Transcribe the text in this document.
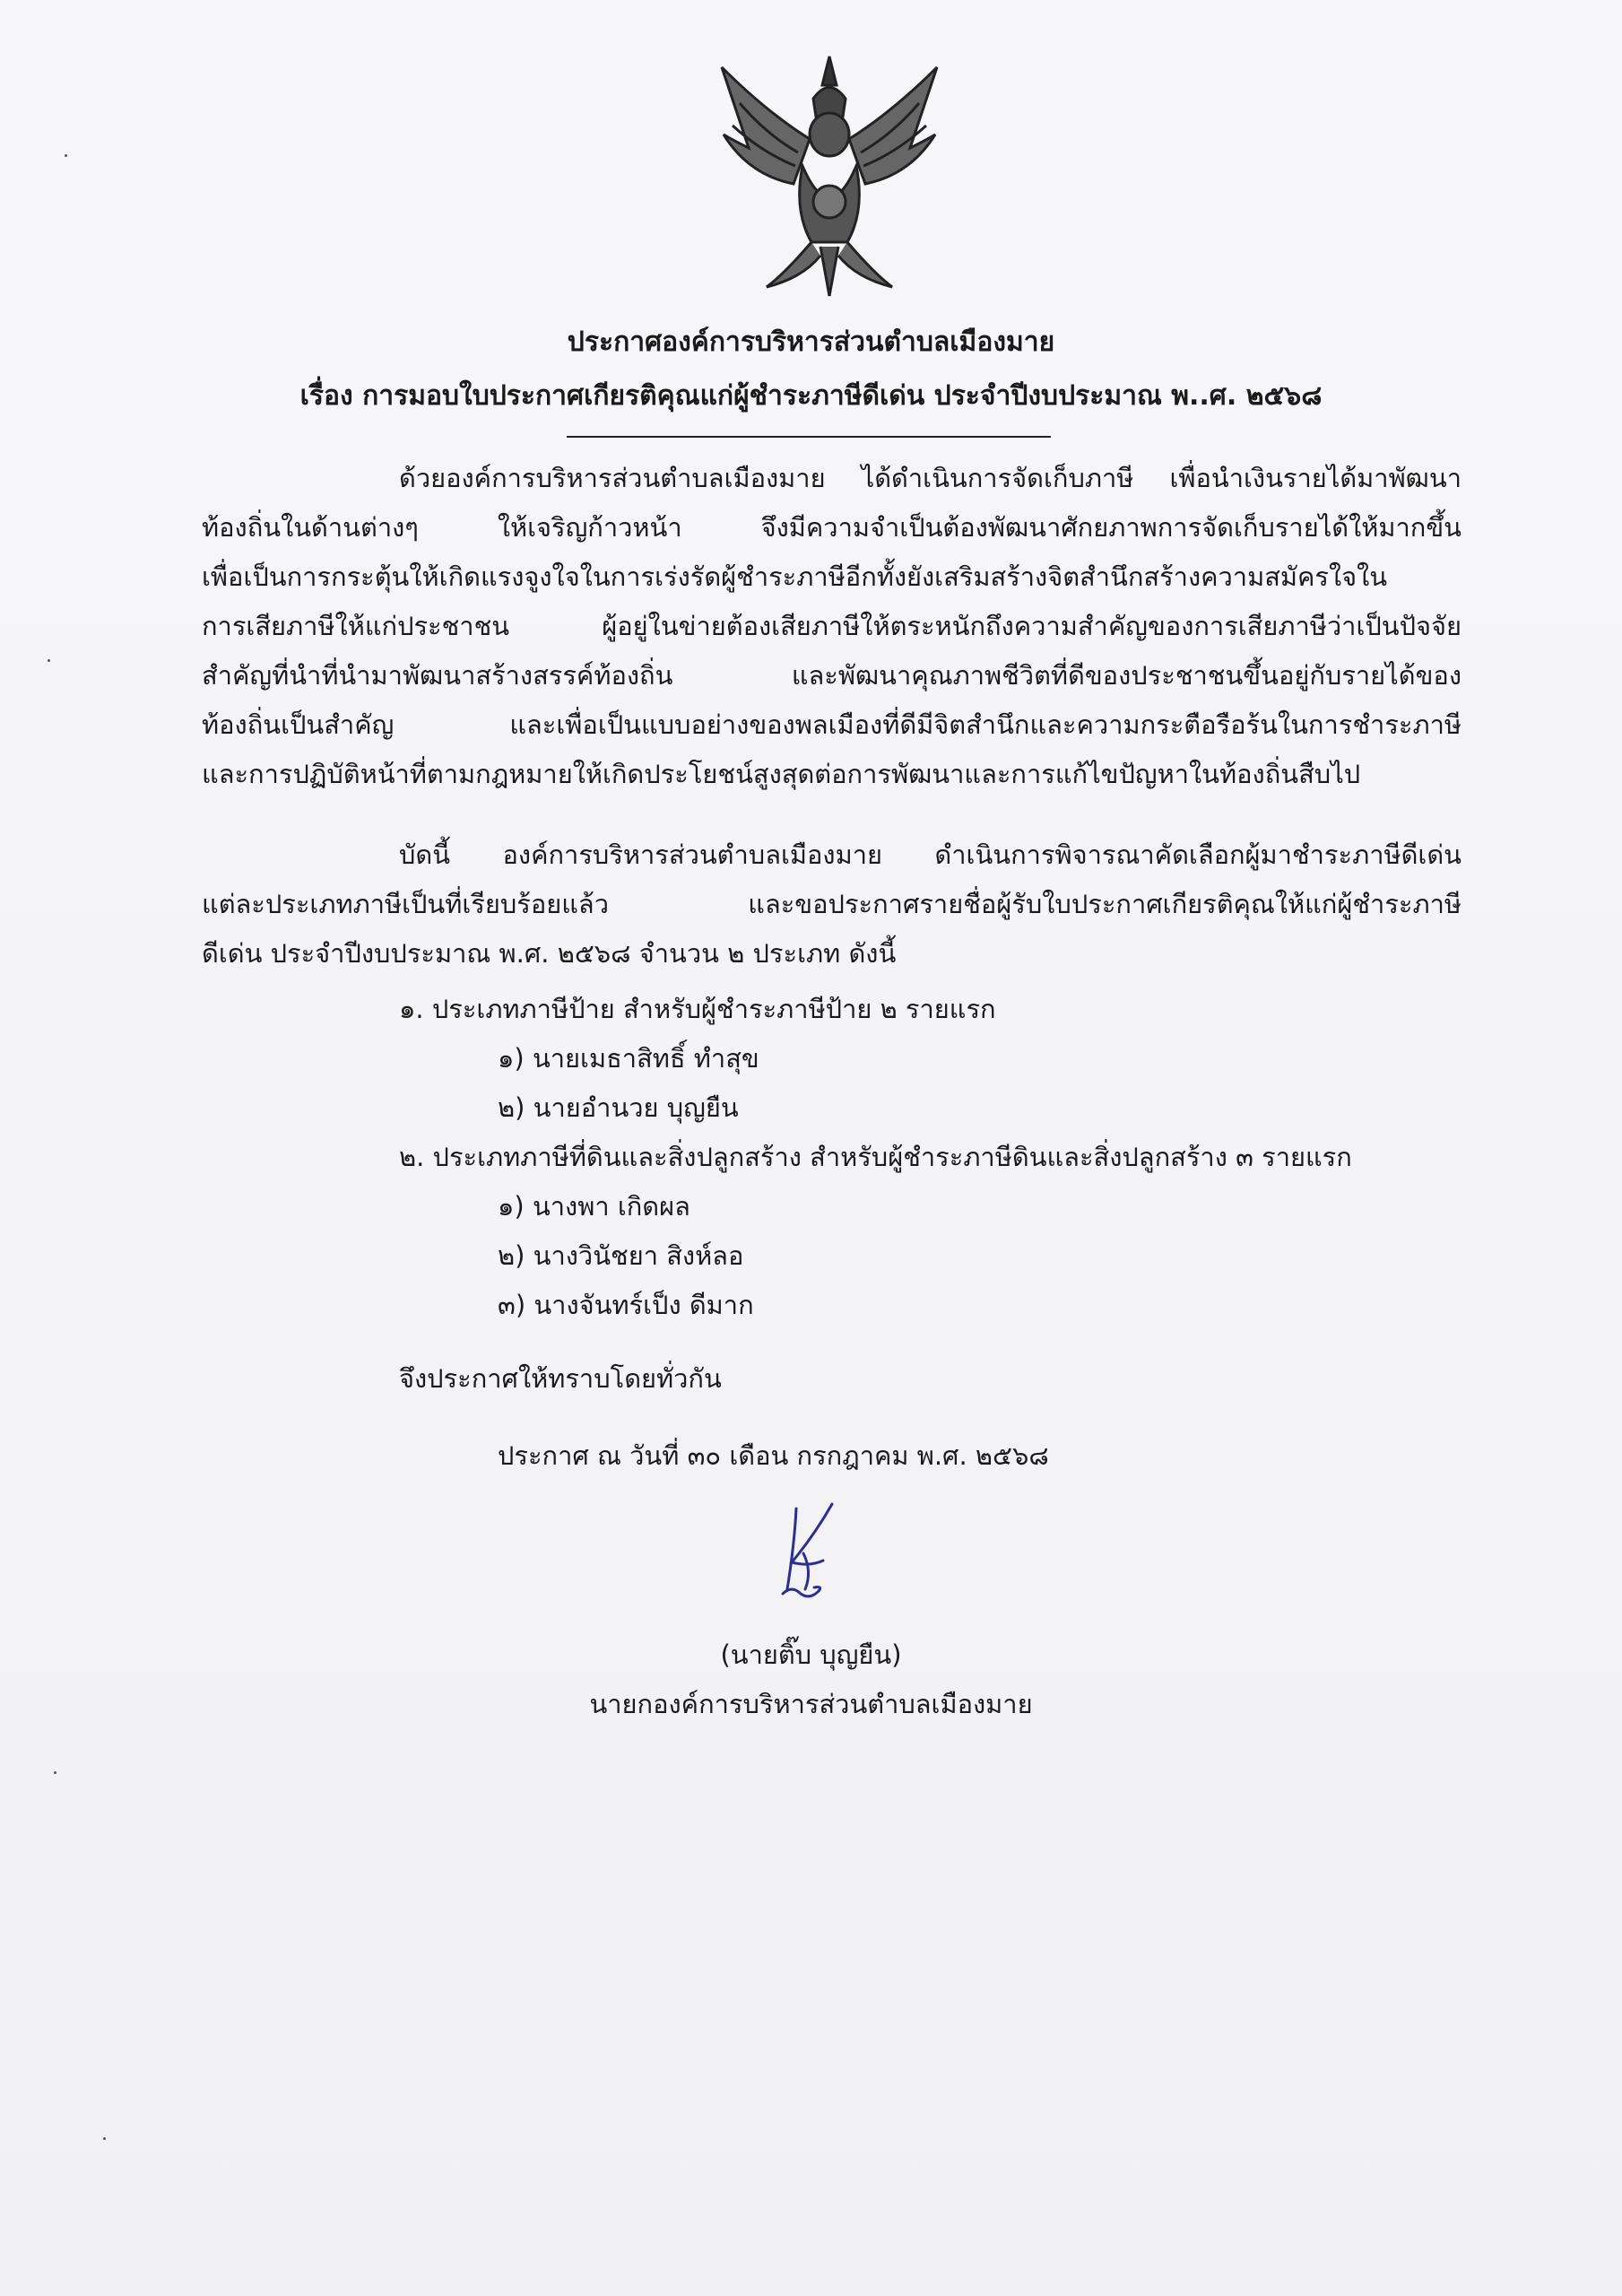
ประกาศองค์การบริหารส่วนตำบลเมืองมาย
เรื่อง การมอบใบประกาศเกียรติคุณแก่ผู้ชำระภาษีดีเด่น ประจำปีงบประมาณ พ..ศ. ๒๕๖๘
ด้วยองค์การบริหารส่วนตำบลเมืองมาย ได้ดำเนินการจัดเก็บภาษี เพื่อนำเงินรายได้มาพัฒนา
ท้องถิ่นในด้านต่างๆ ให้เจริญก้าวหน้า จึงมีความจำเป็นต้องพัฒนาศักยภาพการจัดเก็บรายได้ให้มากขึ้น
เพื่อเป็นการกระตุ้นให้เกิดแรงจูงใจในการเร่งรัดผู้ชำระภาษีอีกทั้งยังเสริมสร้างจิตสำนึกสร้างความสมัครใจใน
การเสียภาษีให้แก่ประชาชน ผู้อยู่ในข่ายต้องเสียภาษีให้ตระหนักถึงความสำคัญของการเสียภาษีว่าเป็นปัจจัย
สำคัญที่นำที่นำมาพัฒนาสร้างสรรค์ท้องถิ่น และพัฒนาคุณภาพชีวิตที่ดีของประชาชนขึ้นอยู่กับรายได้ของ
ท้องถิ่นเป็นสำคัญ และเพื่อเป็นแบบอย่างของพลเมืองที่ดีมีจิตสำนึกและความกระตือรือร้นในการชำระภาษี
และการปฏิบัติหน้าที่ตามกฎหมายให้เกิดประโยชน์สูงสุดต่อการพัฒนาและการแก้ไขปัญหาในท้องถิ่นสืบไป
บัดนี้ องค์การบริหารส่วนตำบลเมืองมาย ดำเนินการพิจารณาคัดเลือกผู้มาชำระภาษีดีเด่น
แต่ละประเภทภาษีเป็นที่เรียบร้อยแล้ว และขอประกาศรายชื่อผู้รับใบประกาศเกียรติคุณให้แก่ผู้ชำระภาษี
ดีเด่น ประจำปีงบประมาณ พ.ศ. ๒๕๖๘ จำนวน ๒ ประเภท ดังนี้
๑. ประเภทภาษีป้าย สำหรับผู้ชำระภาษีป้าย ๒ รายแรก
๑) นายเมธาสิทธิ์ ทำสุข
๒) นายอำนวย บุญยืน
๒. ประเภทภาษีที่ดินและสิ่งปลูกสร้าง สำหรับผู้ชำระภาษีดินและสิ่งปลูกสร้าง ๓ รายแรก
๑) นางพา เกิดผล
๒) นางวินัชยา สิงห์ลอ
๓) นางจันทร์เป็ง ดีมาก
จึงประกาศให้ทราบโดยทั่วกัน
ประกาศ ณ วันที่ ๓๐ เดือน กรกฎาคม พ.ศ. ๒๕๖๘
(นายติ๊บ บุญยืน)
นายกองค์การบริหารส่วนตำบลเมืองมาย
